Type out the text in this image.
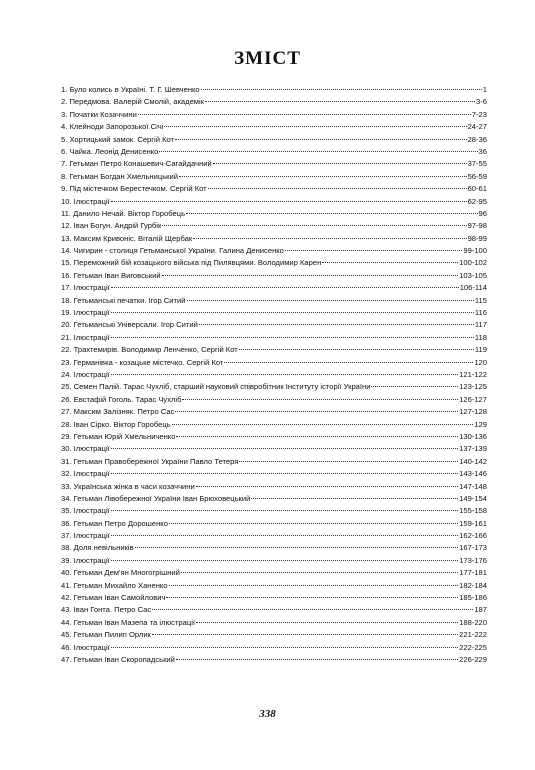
ЗМІСТ
1. Було колись в Україні. Т. Г. Шевченко	1
2. Передмова. Валерій Смолій, академік	3-6
3. Початки Козаччини	7-23
4. Клейноди Запорозької Січі	24-27
5. Хортицький замок. Сергій Кот	28-36
6. Чайка. Леонід Денисенко	36
7. Гетьман Петро Конашевич-Сагайдачний	37-55
8. Гетьман Богдан Хмельницький	56-59
9. Під містечком Берестечком. Сергій Кот	60-61
10. Ілюстрації	62-95
11. Данило Нечай. Віктор Горобець	96
12. Іван Богун. Андрій Гурбік	97-98
13. Максим Кривоніс. Віталій Щербак	98-99
14. Чигирин - столиця Гетьманської України. Галина Денисенко	99-100
15. Переможний бій козацького війська під Пилявцями. Володимир Карен	100-102
16. Гетьман Іван Виговський	103-105
17. Ілюстрації	106-114
18. Гетьманські печатки. Ігор Ситий	115
19. Ілюстрації	116
20. Гетьманські Універсали. Ігор Ситий	117
21. Ілюстрації	118
22. Трахтемирів. Володимир Ленченко, Сергій Кот	119
23. Германівка - козацьке містечко. Сергій Кот	120
24. Ілюстрації	121-122
25. Семен Палій. Тарас Чухліб, старший науковий співробітник Інституту історії України	123-125
26. Евстафій Гоголь. Тарас Чухліб	126-127
27. Максим Залізняк. Петро Сас	127-128
28. Іван Сірко. Віктор Горобець	129
29. Гетьман Юрій Хмельниченко	130-136
30. Ілюстрації	137-139
31. Гетьман Правобережної України Павло Тетеря	140-142
32. Ілюстрації	143-146
33. Українська жінка в часи козаччини	147-148
34. Гетьман Лівобережної України Іван Брюховецький	149-154
35. Ілюстрації	155-158
36. Гетьман Петро Дорошенко	159-161
37. Ілюстрації	162-166
38. Доля невільників	167-173
39. Ілюстрації	173-176
40. Гетьман Дем'ян Многогрішний	177-181
41. Гетьман Михайло Ханенко	182-184
42. Гетьман Іван Самойлович	185-186
43. Іван Гонта. Петро Сас	187
44. Гетьман Іван Мазепа та ілюстрації	188-220
45. Гетьман Пилип Орлик	221-222
46. Ілюстрації	222-225
47. Гетьман Іван Скоропадський	226-229
338
